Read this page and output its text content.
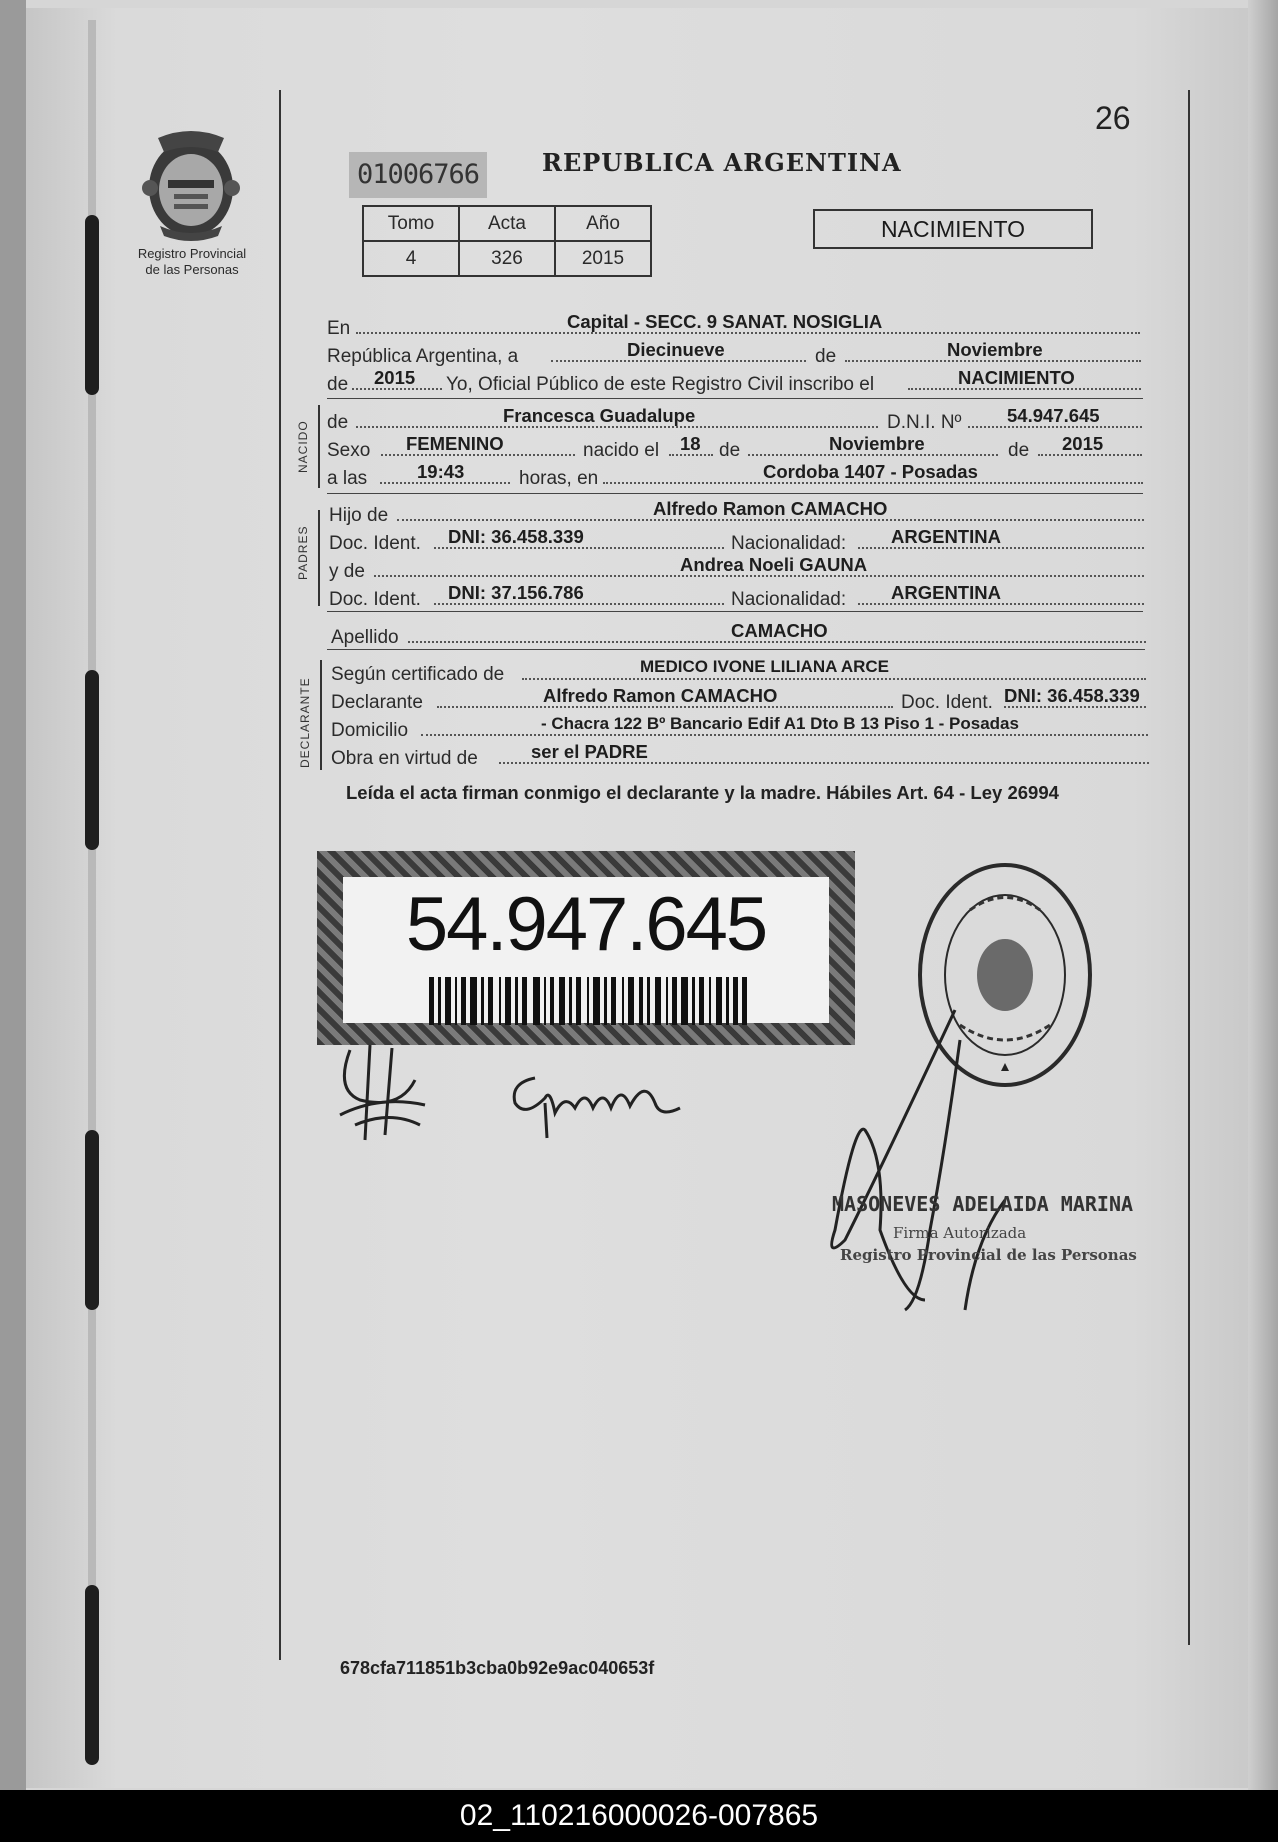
26
Registro Provincial
de las Personas
01006766	REPUBLICA ARGENTINA
Tomo	Acta	Año
4	326	2015
NACIMIENTO
En	Capital - SECC. 9 SANAT. NOSIGLIA
República Argentina, a	Diecinueve	de	Noviembre
de 2015 Yo, Oficial Público de este Registro Civil inscribo el	NACIMIENTO
NACIDO de	Francesca Guadalupe	D.N.I. Nº 54.947.645
Sexo FEMENINO	nacido el 18 de	Noviembre	de 2015
a las	19:43	horas, en	Cordoba 1407 - Posadas
PADRES
Hijo de	Alfredo Ramon CAMACHO
Doc. Ident. DNI: 36.458.339	Nacionalidad: ARGENTINA
y de	Andrea Noeli GAUNA
Doc. Ident. DNI: 37.156.786	Nacionalidad: ARGENTINA
Apellido	CAMACHO
DECLARANTE
Según certificado de	MEDICO IVONE LILIANA ARCE
Declarante	Alfredo Ramon CAMACHO	Doc. Ident. DNI: 36.458.339
Domicilio	- Chacra 122 Bº Bancario Edif A1 Dto B 13 Piso 1 - Posadas
Obra en virtud de	ser el PADRE
Leída el acta firman conmigo el declarante y la madre. Hábiles Art. 64 - Ley 26994
54.947.645
MASONEVES ADELAIDA MARINA
Firma Autorizada
Registro Provincial de las Personas
678cfa711851b3cba0b92e9ac040653f
02_110216000026-007865
